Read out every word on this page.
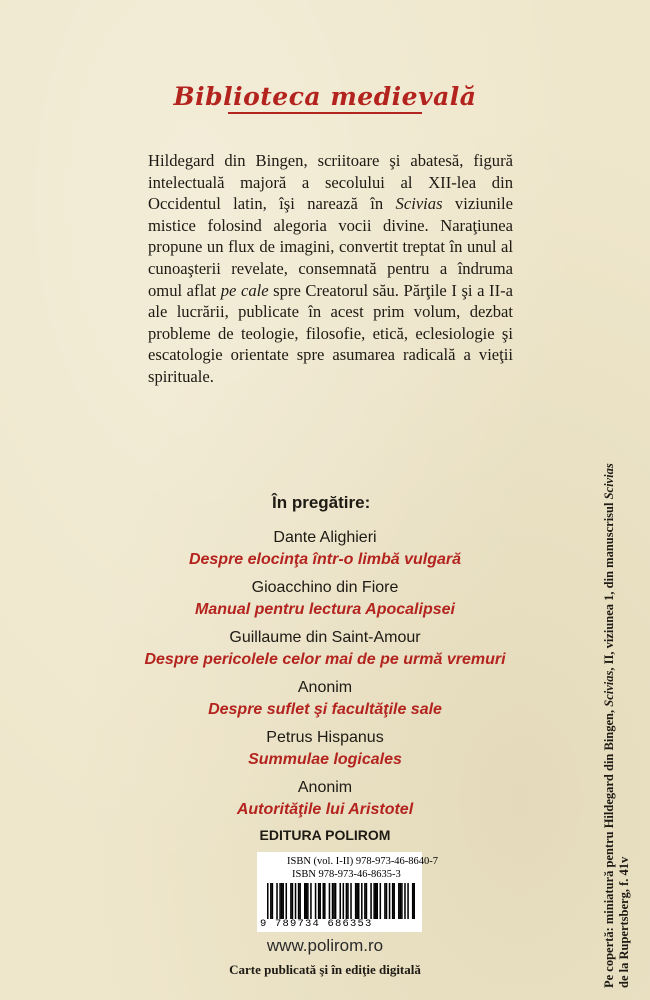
Biblioteca medievală
Hildegard din Bingen, scriitoare şi abatesă, figură intelectuală majoră a secolului al XII-lea din Occidentul latin, îşi narează în Scivias viziunile mistice folosind alegoria vocii divine. Naraţiunea propune un flux de imagini, convertit treptat în unul al cunoaşterii revelate, consemnată pentru a îndruma omul aflat pe cale spre Creatorul său. Părţile I şi a II-a ale lucrării, publicate în acest prim volum, dezbat probleme de teologie, filosofie, etică, eclesiologie şi escatologie orientate spre asumarea radicală a vieţii spirituale.
În pregătire:
Dante Alighieri
Despre elocinţa într-o limbă vulgară
Gioacchino din Fiore
Manual pentru lectura Apocalipsei
Guillaume din Saint-Amour
Despre pericolele celor mai de pe urmă vremuri
Anonim
Despre suflet şi facultăţile sale
Petrus Hispanus
Summulae logicales
Anonim
Autorităţile lui Aristotel
EDITURA POLIROM
ISBN (vol. I-II) 978-973-46-8640-7
ISBN 978-973-46-8635-3
9 789734 686353
www.polirom.ro
Carte publicată şi în ediţie digitală	Pe copertă: miniatură pentru Hildegard din Bingen, Scivias, II, viziunea 1, din manuscrisul Scivias de la Rupertsberg, f. 41v
